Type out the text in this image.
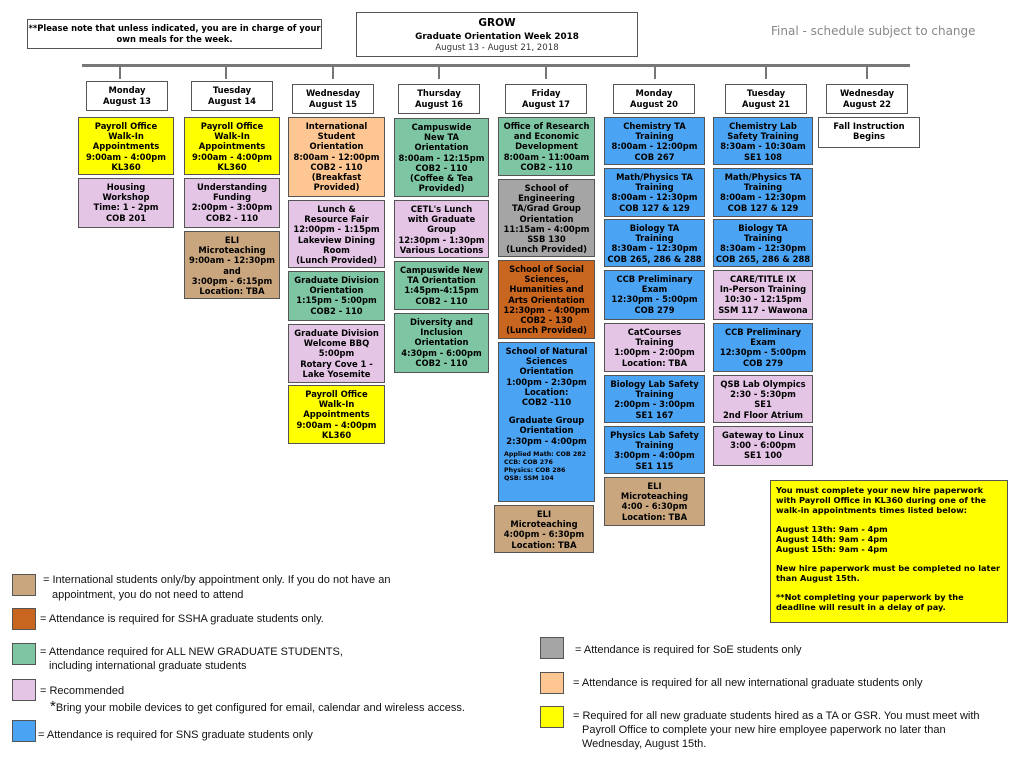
**Please note that unless indicated, you are in charge of your own meals for the week.
GROW
Graduate Orientation Week 2018
August 13 - August 21, 2018
Final - schedule subject to change
Monday
August 13
Tuesday
August 14
Wednesday
August 15
Thursday
August 16
Friday
August 17
Monday
August 20
Tuesday
August 21
Wednesday
August 22
Payroll Office
Walk-In
Appointments
9:00am - 4:00pm
KL360
Housing
Workshop
Time: 1 - 2pm
COB 201
Payroll Office
Walk-In
Appointments
9:00am - 4:00pm
KL360
Understanding
Funding
2:00pm - 3:00pm
COB2 - 110
ELI
Microteaching
9:00am - 12:30pm
and
3:00pm - 6:15pm
Location: TBA
International
Student
Orientation
8:00am - 12:00pm
COB2 - 110
(Breakfast
Provided)
Lunch &
Resource Fair
12:00pm - 1:15pm
Lakeview Dining
Room
(Lunch Provided)
Graduate Division
Orientation
1:15pm - 5:00pm
COB2 - 110
Graduate Division
Welcome BBQ
5:00pm
Rotary Cove 1 -
Lake Yosemite
Payroll Office
Walk-In
Appointments
9:00am - 4:00pm
KL360
Campuswide
New TA
Orientation
8:00am - 12:15pm
COB2 - 110
(Coffee & Tea
Provided)
CETL's Lunch
with Graduate
Group
12:30pm - 1:30pm
Various Locations
Campuswide New
TA Orientation
1:45pm-4:15pm
COB2 - 110
Diversity and
Inclusion
Orientation
4:30pm - 6:00pm
COB2 - 110
Office of Research
and Economic
Development
8:00am - 11:00am
COB2 - 110
School of
Engineering
TA/Grad Group
Orientation
11:15am - 4:00pm
SSB 130
(Lunch Provided)
School of Social
Sciences,
Humanities and
Arts Orientation
12:30pm - 4:00pm
COB2 - 130
(Lunch Provided)
School of Natural
Sciences
Orientation
1:00pm - 2:30pm
Location:
COB2 -110
Graduate Group
Orientation
2:30pm - 4:00pm
Applied Math: COB 282
CCB: COB 276
Physics: COB 286
QSB: SSM 104
ELI
Microteaching
4:00pm - 6:30pm
Location: TBA
Chemistry TA
Training
8:00am - 12:00pm
COB 267
Math/Physics TA
Training
8:00am - 12:30pm
COB 127 & 129
Biology TA
Training
8:30am - 12:30pm
COB 265, 286 & 288
CCB Preliminary
Exam
12:30pm - 5:00pm
COB 279
CatCourses
Training
1:00pm - 2:00pm
Location: TBA
Biology Lab Safety
Training
2:00pm - 3:00pm
SE1 167
Physics Lab Safety
Training
3:00pm - 4:00pm
SE1 115
ELI
Microteaching
4:00 - 6:30pm
Location: TBA
Chemistry Lab
Safety Training
8:30am - 10:30am
SE1 108
Math/Physics TA
Training
8:00am - 12:30pm
COB 127 & 129
Biology TA
Training
8:30am - 12:30pm
COB 265, 286 & 288
CARE/TITLE IX
In-Person Training
10:30 - 12:15pm
SSM 117 - Wawona
CCB Preliminary
Exam
12:30pm - 5:00pm
COB 279
QSB Lab Olympics
2:30 - 5:30pm
SE1
2nd Floor Atrium
Gateway to Linux
3:00 - 6:00pm
SE1 100
Fall Instruction
Begins

You must complete your new hire paperwork with Payroll Office in KL360 during one of the walk-in appointments times listed below:

August 13th: 9am - 4pm

August 14th: 9am - 4pm

August 15th: 9am - 4pm

New hire paperwork must be completed no later than August 15th.

**Not completing your paperwork by the deadline will result in a delay of pay.

= International students only/by appointment only. If you do not have an
appointment, you do not need to attend
= Attendance is required for SSHA graduate students only.
= Attendance required for ALL NEW GRADUATE STUDENTS,
including international graduate students
= Recommended
*Bring your mobile devices to get configured for email, calendar and wireless access.
= Attendance is required for SNS graduate students only
= Attendance is required for SoE students only
= Attendance is required for all new international graduate students only
= Required for all new graduate students hired as a TA or GSR. You must meet with
Payroll Office to complete your new hire employee paperwork no later than
Wednesday, August 15th.
